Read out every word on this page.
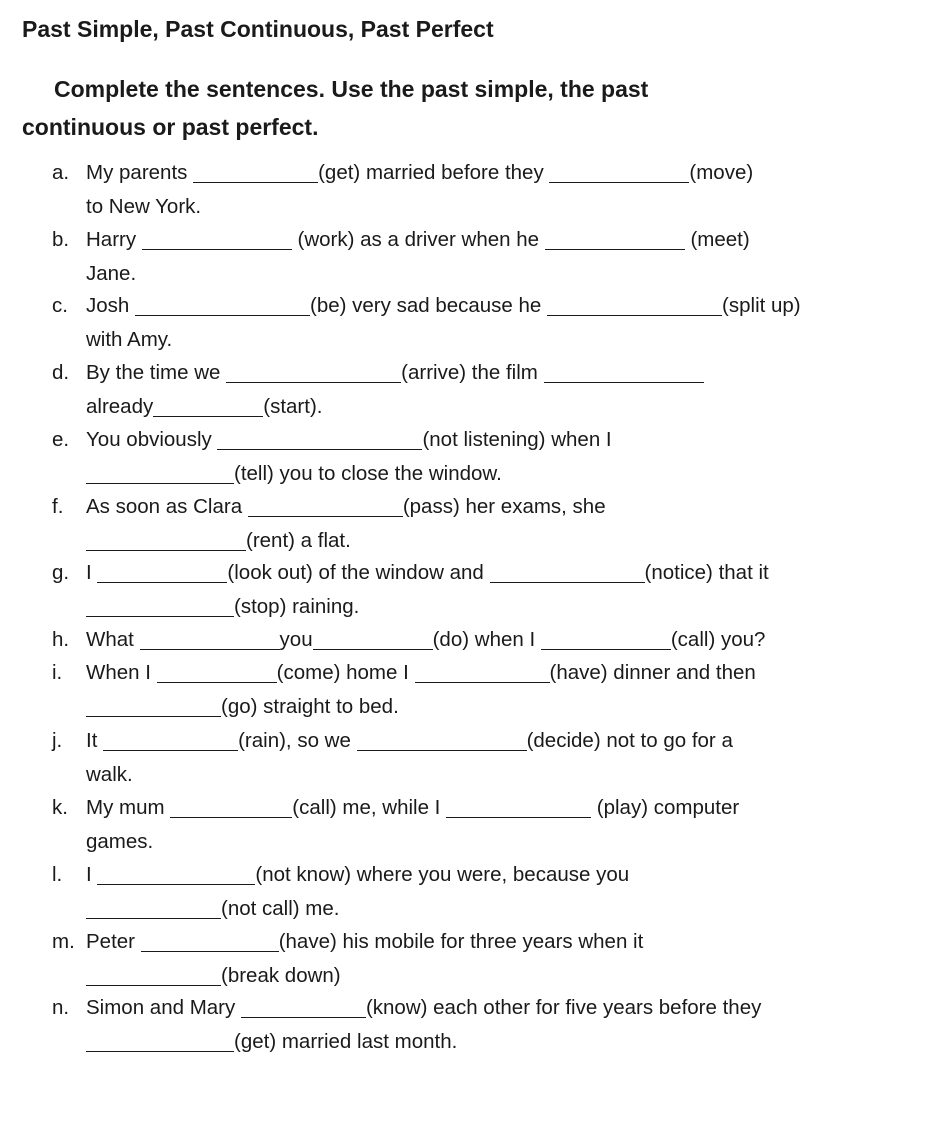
Past Simple, Past Continuous, Past Perfect
Complete the sentences. Use the past simple, the past
continuous or past perfect.
a. My parents	(get) married before they	(move)
to New York.
b. Harry	(work) as a driver when he	(meet)
Jane.
c. Josh	(be) very sad because he	(split up)
with Amy.
d. By the time we	(arrive) the film
already	(start).
e. You obviously	(not listening) when I
(tell) you to close the window.
f.	As soon as Clara	(pass) her exams, she
(rent) a flat.
g. I	(look out) of the window and	(notice) that it
(stop) raining.
h. What	you	(do) when I	(call) you?
i.	When I	(come) home I	(have) dinner and then
(go) straight to bed.
j.	It	(rain), so we	(decide) not to go for a
walk.
k. My mum	(call) me, while I	(play) computer
games.
l.	I	(not know) where you were, because you
(not call) me.
m. Peter	(have) his mobile for three years when it
(break down)
n. Simon and Mary	(know) each other for five years before they
(get) married last month.
